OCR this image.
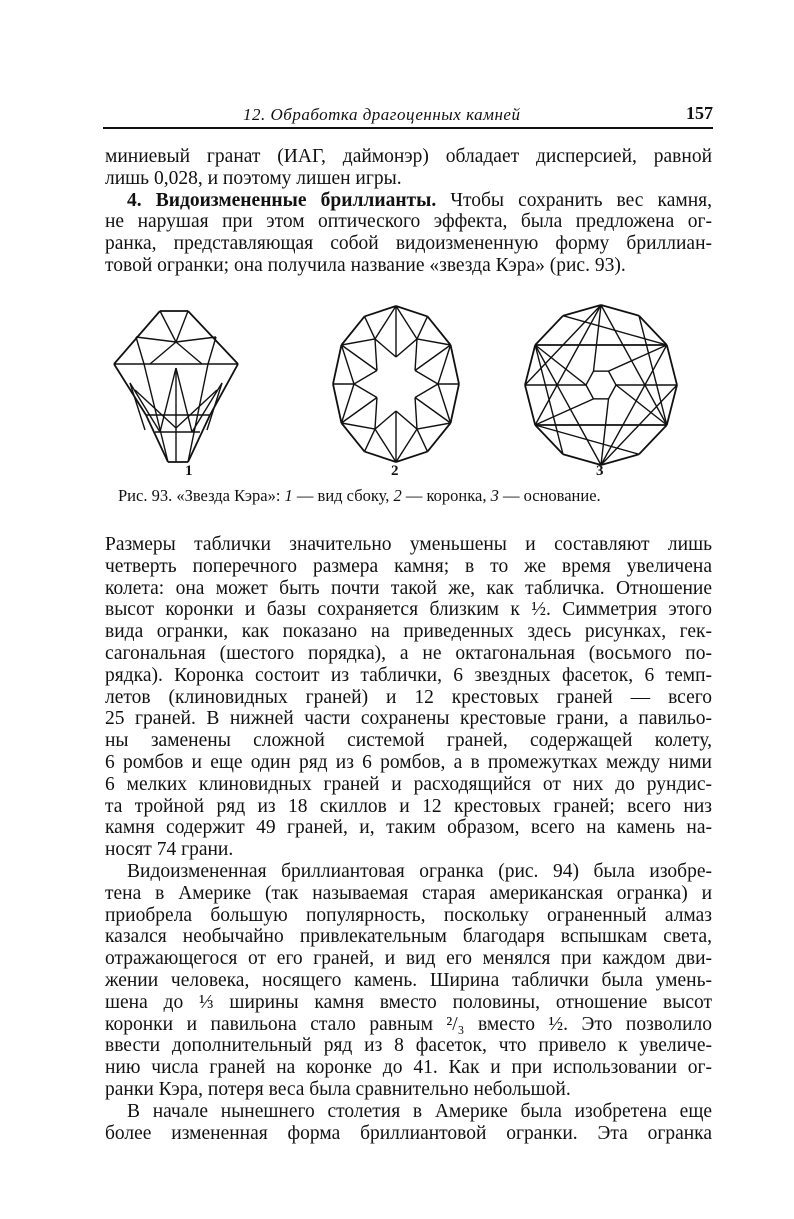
12. Обработка драгоценных камней	157
миниевый гранат (ИАГ, даймонэр) обладает дисперсией, равной
лишь 0,028, и поэтому лишен игры.
4. Видоизмененные бриллианты. Чтобы сохранить вес камня,
не нарушая при этом оптического эффекта, была предложена ог-
ранка, представляющая собой видоизмененную форму бриллиан-
товой огранки; она получила название «звезда Кэра» (рис. 93).
1	2	3
Рис. 93. «Звезда Кэра»: 1 — вид сбоку, 2 — коронка, 3 — основание.
Размеры таблички значительно уменьшены и составляют лишь
четверть поперечного размера камня; в то же время увеличена
колета: она может быть почти такой же, как табличка. Отношение
высот коронки и базы сохраняется близким к ½. Симметрия этого
вида огранки, как показано на приведенных здесь рисунках, гек-
сагональная (шестого порядка), а не октагональная (восьмого по-
рядка). Коронка состоит из таблички, 6 звездных фасеток, 6 темп-
летов (клиновидных граней) и 12 крестовых граней — всего
25 граней. В нижней части сохранены крестовые грани, а павильо-
ны заменены сложной системой граней, содержащей колету,
6 ромбов и еще один ряд из 6 ромбов, а в промежутках между ними
6 мелких клиновидных граней и расходящийся от них до рундис-
та тройной ряд из 18 скиллов и 12 крестовых граней; всего низ
камня содержит 49 граней, и, таким образом, всего на камень на-
носят 74 грани.
Видоизмененная бриллиантовая огранка (рис. 94) была изобре-
тена в Америке (так называемая старая американская огранка) и
приобрела большую популярность, поскольку ограненный алмаз
казался необычайно привлекательным благодаря вспышкам света,
отражающегося от его граней, и вид его менялся при каждом дви-
жении человека, носящего камень. Ширина таблички была умень-
шена до ⅓ ширины камня вместо половины, отношение высот
коронки и павильона стало равным ²/₃ вместо ½. Это позволило
ввести дополнительный ряд из 8 фасеток, что привело к увеличе-
нию числа граней на коронке до 41. Как и при использовании ог-
ранки Кэра, потеря веса была сравнительно небольшой.
В начале нынешнего столетия в Америке была изобретена еще
более измененная форма бриллиантовой огранки. Эта огранка
